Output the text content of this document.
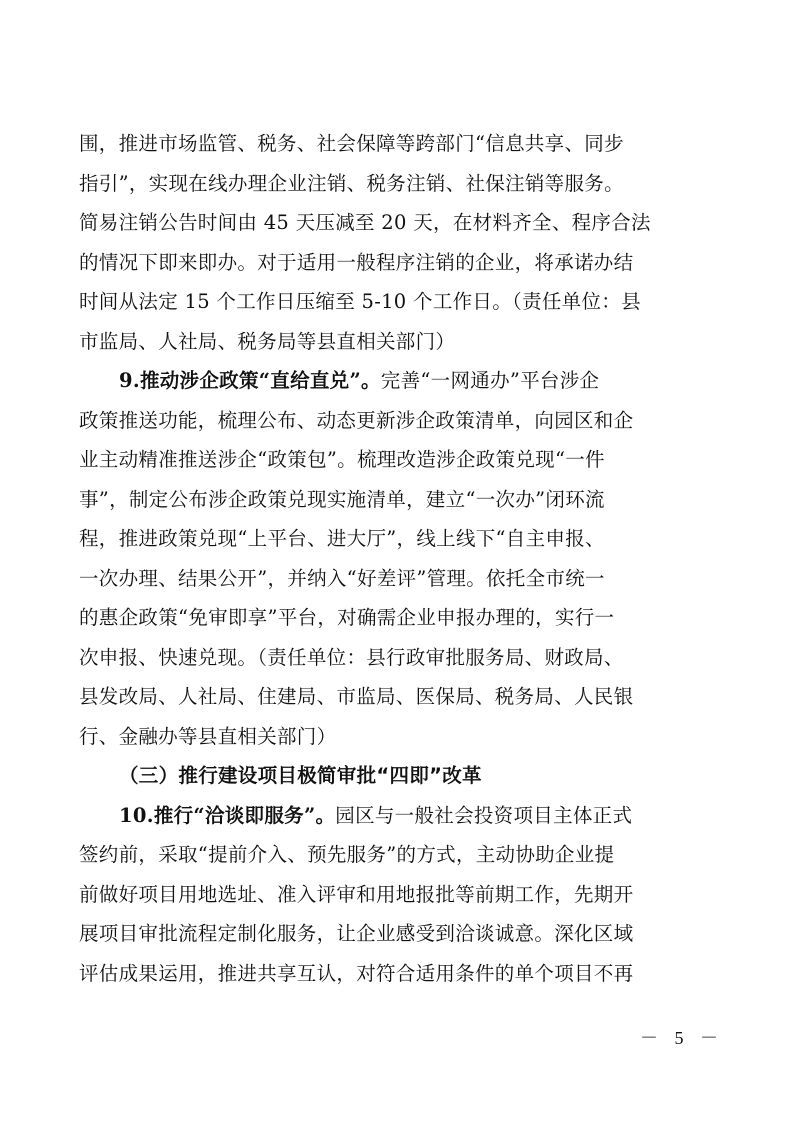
围，推进市场监管、税务、社会保障等跨部门“信息共享、同步
指引”，实现在线办理企业注销、税务注销、社保注销等服务。
简易注销公告时间由 45 天压减至 20 天，在材料齐全、程序合法
的情况下即来即办。对于适用一般程序注销的企业，将承诺办结
时间从法定 15 个工作日压缩至 5-10 个工作日。（责任单位：县
市监局、人社局、税务局等县直相关部门）
9.推动涉企政策“直给直兑”。完善“一网通办”平台涉企
政策推送功能，梳理公布、动态更新涉企政策清单，向园区和企
业主动精准推送涉企“政策包”。梳理改造涉企政策兑现“一件
事”，制定公布涉企政策兑现实施清单，建立“一次办”闭环流
程，推进政策兑现“上平台、进大厅”，线上线下“自主申报、
一次办理、结果公开”，并纳入“好差评”管理。依托全市统一
的惠企政策“免审即享”平台，对确需企业申报办理的，实行一
次申报、快速兑现。（责任单位：县行政审批服务局、财政局、
县发改局、人社局、住建局、市监局、医保局、税务局、人民银
行、金融办等县直相关部门）
（三）推行建设项目极简审批“四即”改革
10.推行“洽谈即服务”。园区与一般社会投资项目主体正式
签约前，采取“提前介入、预先服务”的方式，主动协助企业提
前做好项目用地选址、准入评审和用地报批等前期工作，先期开
展项目审批流程定制化服务，让企业感受到洽谈诚意。深化区域
评估成果运用，推进共享互认，对符合适用条件的单个项目不再
－ 5 －
